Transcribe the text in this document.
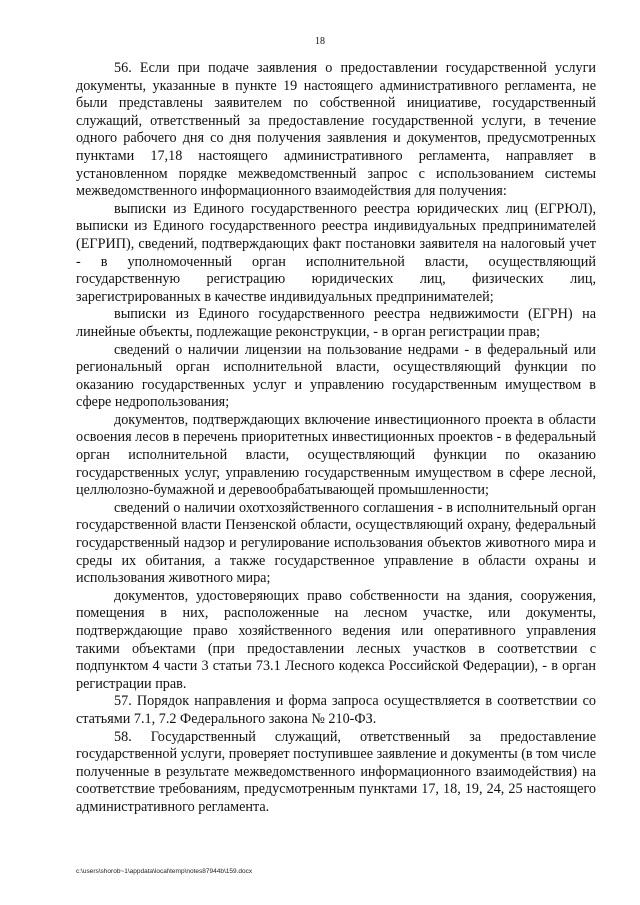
18

56. Если при подаче заявления о предоставлении государственной услуги документы, указанные в пункте 19 настоящего административного регламента, не были представлены заявителем по собственной инициативе, государственный служащий, ответственный за предоставление государственной услуги, в течение одного рабочего дня со дня получения заявления и документов, предусмотренных пунктами 17,18 настоящего административного регламента, направляет в установленном порядке межведомственный запрос с использованием системы межведомственного информационного взаимодействия для получения:

выписки из Единого государственного реестра юридических лиц (ЕГРЮЛ), выписки из Единого государственного реестра индивидуальных предпринимателей (ЕГРИП), сведений, подтверждающих факт постановки заявителя на налоговый учет - в уполномоченный орган исполнительной власти, осуществляющий государственную регистрацию юридических лиц, физических лиц, зарегистрированных в качестве индивидуальных предпринимателей;

выписки из Единого государственного реестра недвижимости (ЕГРН) на линейные объекты, подлежащие реконструкции, - в орган регистрации прав;

сведений о наличии лицензии на пользование недрами - в федеральный или региональный орган исполнительной власти, осуществляющий функции по оказанию государственных услуг и управлению государственным имуществом в сфере недропользования;

документов, подтверждающих включение инвестиционного проекта в области освоения лесов в перечень приоритетных инвестиционных проектов - в федеральный орган исполнительной власти, осуществляющий функции по оказанию государственных услуг, управлению государственным имуществом в сфере лесной, целлюлозно-бумажной и деревообрабатывающей промышленности;

сведений о наличии охотхозяйственного соглашения - в исполнительный орган государственной власти Пензенской области, осуществляющий охрану, федеральный государственный надзор и регулирование использования объектов животного мира и среды их обитания, а также государственное управление в области охраны и использования животного мира;

документов, удостоверяющих право собственности на здания, сооружения, помещения в них, расположенные на лесном участке, или документы, подтверждающие право хозяйственного ведения или оперативного управления такими объектами (при предоставлении лесных участков в соответствии с подпунктом 4 части 3 статьи 73.1 Лесного кодекса Российской Федерации), - в орган регистрации прав.

57. Порядок направления и форма запроса осуществляется в соответствии со статьями 7.1, 7.2 Федерального закона № 210-ФЗ.

58. Государственный служащий, ответственный за предоставление государственной услуги, проверяет поступившее заявление и документы (в том числе полученные в результате межведомственного информационного взаимодействия) на соответствие требованиям, предусмотренным пунктами 17, 18, 19, 24, 25 настоящего административного регламента.

c:\users\shorob~1\appdata\local\temp\notes87944b\159.docx
